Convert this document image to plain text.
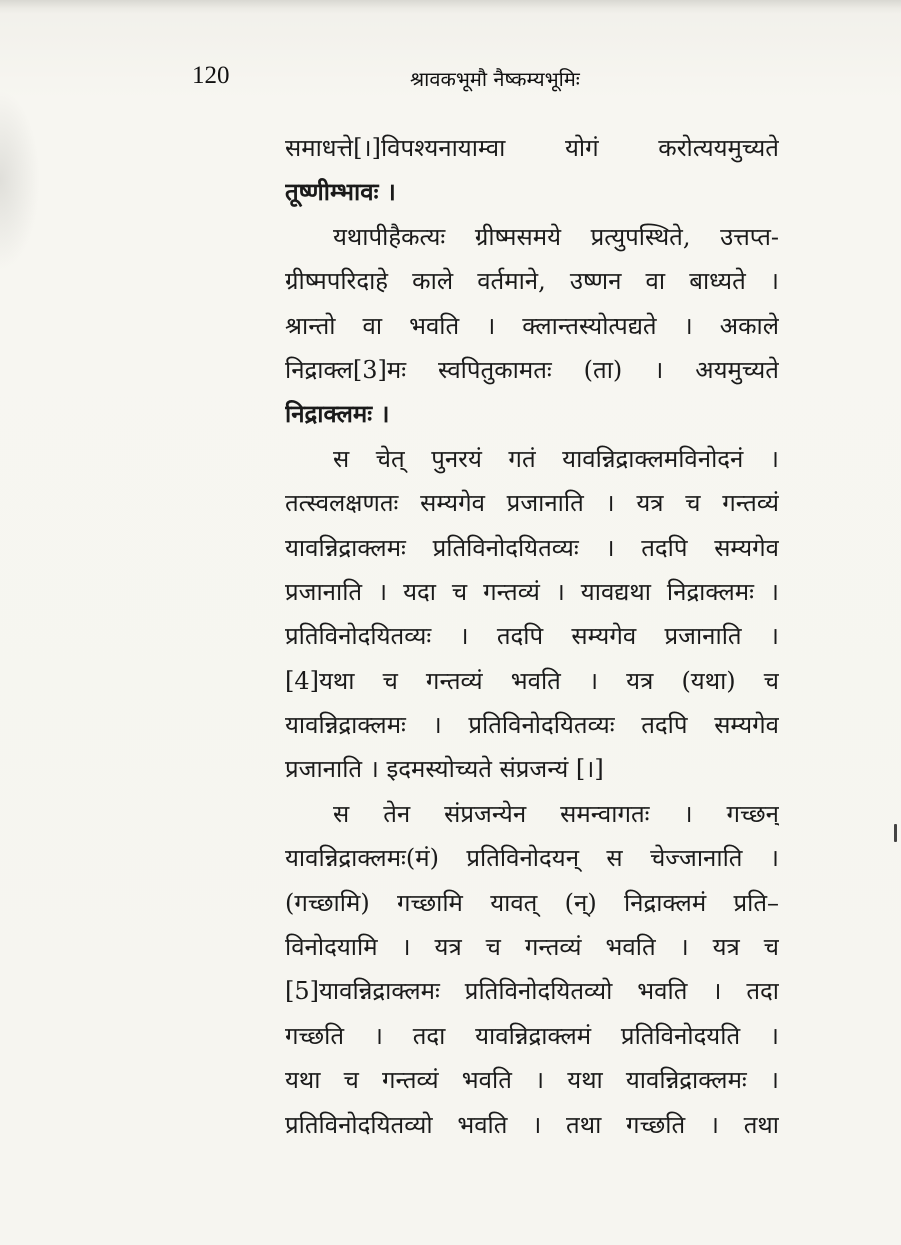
120	श्रावकभूमौ नैष्कम्यभूमिः
समाधत्ते[।]विपश्यनायाम्वा योगं करोत्ययमुच्यते
तूष्णीम्भावः ।
यथापीहैकत्यः ग्रीष्मसमये प्रत्युपस्थिते, उत्तप्त-
ग्रीष्मपरिदाहे काले वर्तमाने, उष्णन वा बाध्यते ।
श्रान्तो वा भवति । क्लान्तस्योत्पद्यते । अकाले
निद्राक्ल[3]मः स्वपितुकामतः (ता) । अयमुच्यते
निद्राक्लमः ।
स चेत् पुनरयं गतं यावन्निद्राक्लमविनोदनं ।
तत्स्वलक्षणतः सम्यगेव प्रजानाति । यत्र च गन्तव्यं
यावन्निद्राक्लमः प्रतिविनोदयितव्यः । तदपि सम्यगेव
प्रजानाति । यदा च गन्तव्यं । यावद्यथा निद्राक्लमः ।
प्रतिविनोदयितव्यः । तदपि सम्यगेव प्रजानाति ।
[4]यथा च गन्तव्यं भवति । यत्र (यथा) च
यावन्निद्राक्लमः । प्रतिविनोदयितव्यः तदपि सम्यगेव
प्रजानाति । इदमस्योच्यते संप्रजन्यं [।]
स तेन संप्रजन्येन समन्वागतः । गच्छन्
यावन्निद्राक्लमः(मं) प्रतिविनोदयन् स चेज्जानाति ।
(गच्छामि) गच्छामि यावत् (न्) निद्राक्लमं प्रति–
विनोदयामि । यत्र च गन्तव्यं भवति । यत्र च
[5]यावन्निद्राक्लमः प्रतिविनोदयितव्यो भवति । तदा
गच्छति । तदा यावन्निद्राक्लमं प्रतिविनोदयति ।
यथा च गन्तव्यं भवति । यथा यावन्निद्राक्लमः ।
प्रतिविनोदयितव्यो भवति । तथा गच्छति । तथा
